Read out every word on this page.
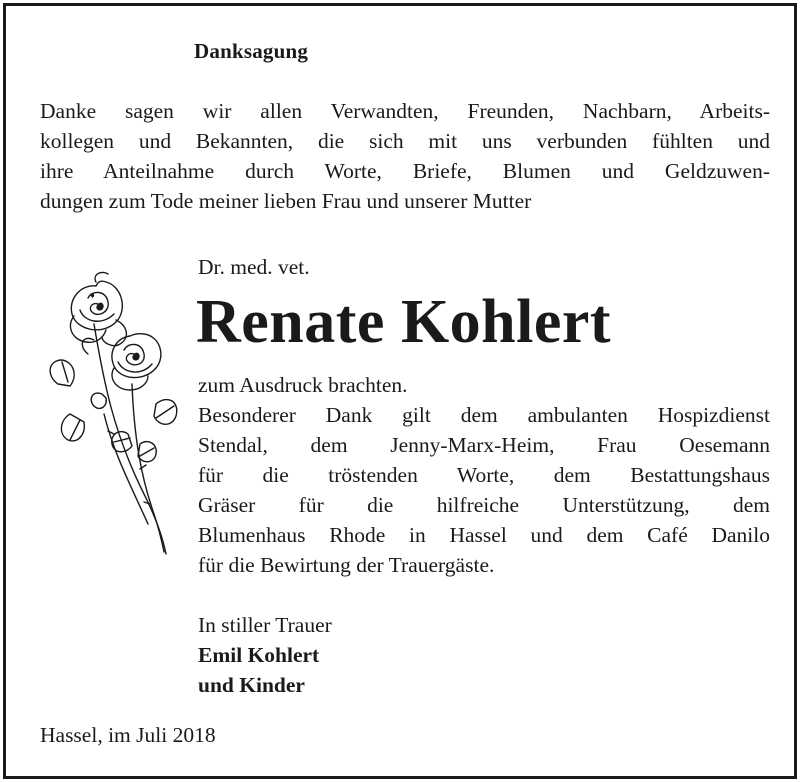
Danksagung
Danke sagen wir allen Verwandten, Freunden, Nachbarn, Arbeits-
kollegen und Bekannten, die sich mit uns verbunden fühlten und
ihre Anteilnahme durch Worte, Briefe, Blumen und Geldzuwen-
dungen zum Tode meiner lieben Frau und unserer Mutter
Dr. med. vet.
Renate Kohlert
zum Ausdruck brachten.
Besonderer Dank gilt dem ambulanten Hospizdienst
Stendal, dem Jenny-Marx-Heim, Frau Oesemann
für die tröstenden Worte, dem Bestattungshaus
Gräser für die hilfreiche Unterstützung, dem
Blumenhaus Rhode in Hassel und dem Café Danilo
für die Bewirtung der Trauergäste.
In stiller Trauer
Emil Kohlert
und Kinder
Hassel, im Juli 2018
